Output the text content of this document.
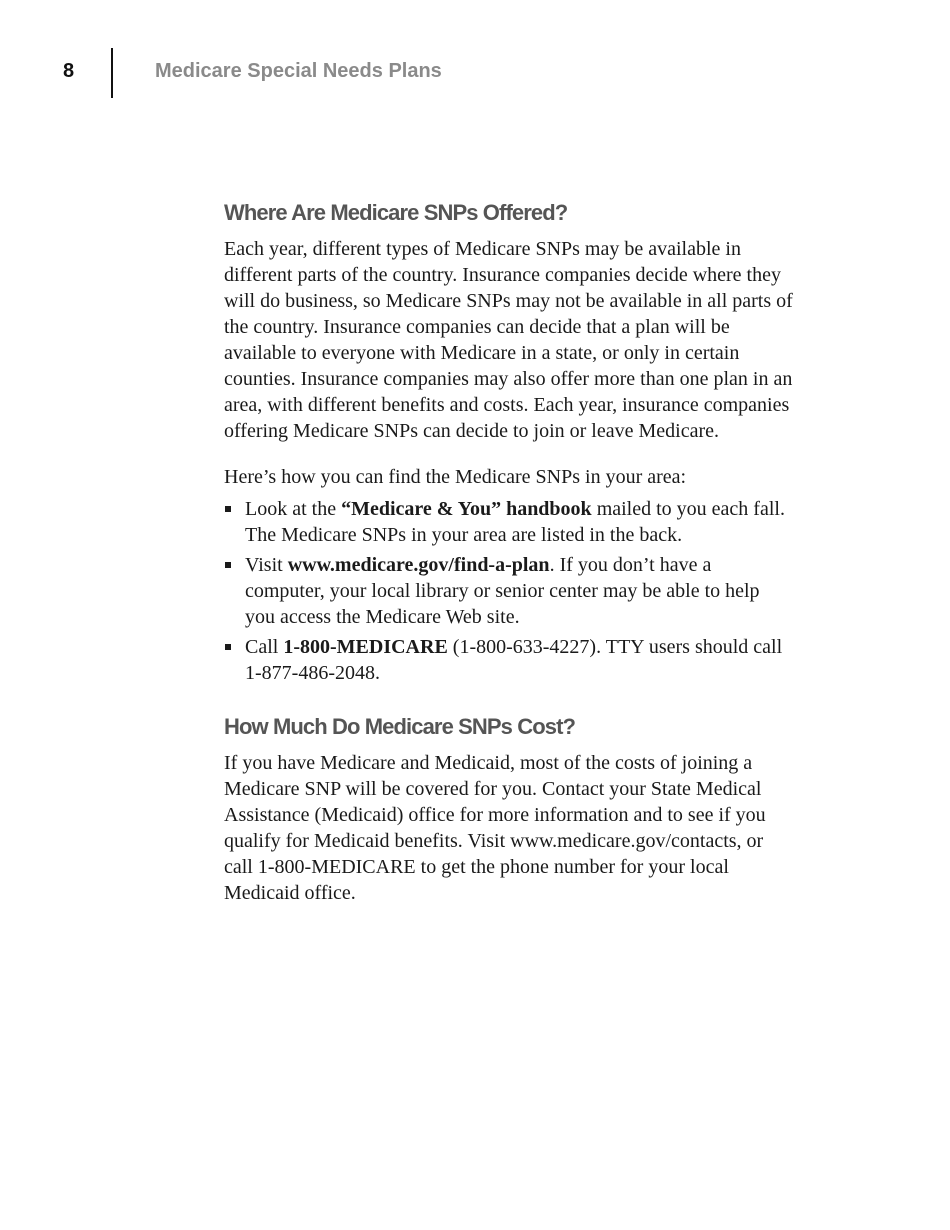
8	Medicare Special Needs Plans
Where Are Medicare SNPs Offered?

Each year, different types of Medicare SNPs may be available in different parts of the country. Insurance companies decide where they will do business, so Medicare SNPs may not be available in all parts of the country. Insurance companies can decide that a plan will be available to everyone with Medicare in a state, or only in certain counties. Insurance companies may also offer more than one plan in an area, with different benefits and costs. Each year, insurance companies offering Medicare SNPs can decide to join or leave Medicare.

Here’s how you can find the Medicare SNPs in your area:

Look at the “Medicare & You” handbook mailed to you each fall. The Medicare SNPs in your area are listed in the back.
Visit www.medicare.gov/find-a-plan. If you don’t have a computer, your local library or senior center may be able to help you access the Medicare Web site.
Call 1-800-MEDICARE (1-800-633-4227). TTY users should call 1-877-486-2048.
How Much Do Medicare SNPs Cost?

If you have Medicare and Medicaid, most of the costs of joining a Medicare SNP will be covered for you. Contact your State Medical Assistance (Medicaid) office for more information and to see if you qualify for Medicaid benefits. Visit www.medicare.gov/contacts, or call 1-800-MEDICARE to get the phone number for your local Medicaid office.
